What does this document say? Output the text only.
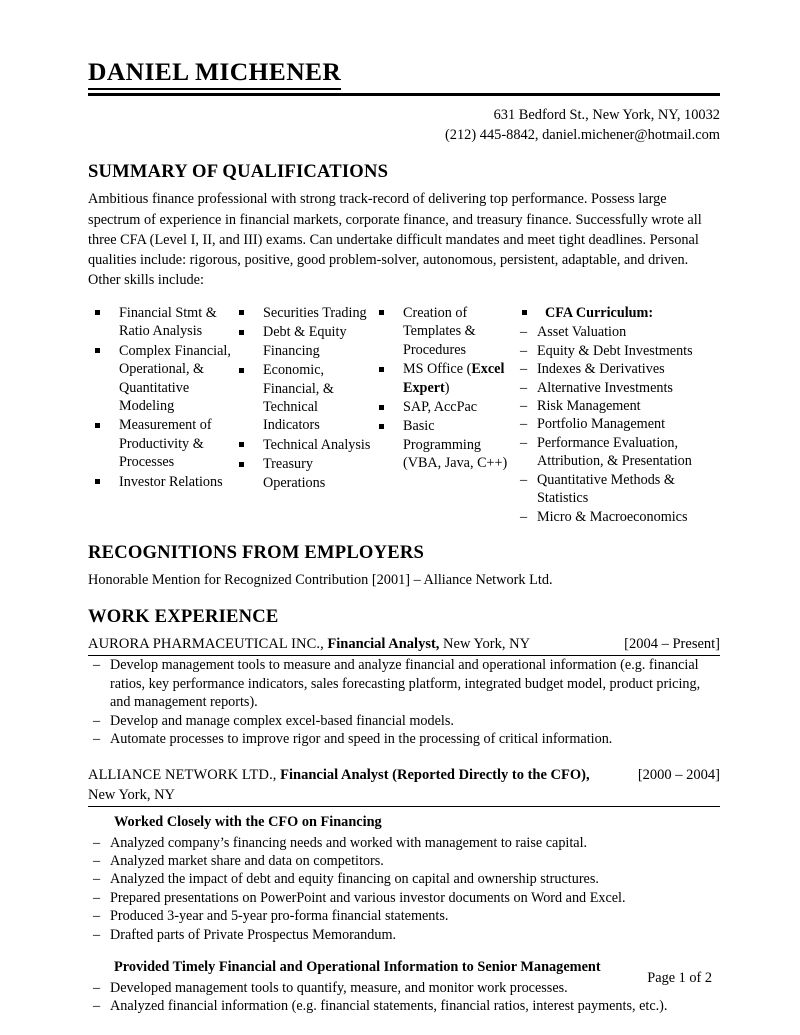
DANIEL MICHENER
631 Bedford St., New York, NY, 10032
(212) 445-8842, daniel.michener@hotmail.com
SUMMARY OF QUALIFICATIONS

Ambitious finance professional with strong track-record of delivering top performance. Possess large spectrum of experience in financial markets, corporate finance, and treasury finance. Successfully wrote all three CFA (Level I, II, and III) exams. Can undertake difficult mandates and meet tight deadlines. Personal qualities include: rigorous, positive, good problem-solver, autonomous, persistent, adaptable, and driven. Other skills include:

Financial Stmt & Ratio Analysis
Complex Financial, Operational, & Quantitative Modeling
Measurement of Productivity & Processes
Investor Relations
Securities Trading
Debt & Equity Financing
Economic, Financial, & Technical Indicators
Technical Analysis
Treasury Operations
Creation of Templates & Procedures
MS Office (Excel Expert)
SAP, AccPac
Basic Programming (VBA, Java, C++)
CFA Curriculum:
– Asset Valuation
– Equity & Debt Investments
– Indexes & Derivatives
– Alternative Investments
– Risk Management
– Portfolio Management
– Performance Evaluation, Attribution, & Presentation
– Quantitative Methods & Statistics
– Micro & Macroeconomics
RECOGNITIONS FROM EMPLOYERS

Honorable Mention for Recognized Contribution [2001] – Alliance Network Ltd.

WORK EXPERIENCE
AURORA PHARMACEUTICAL INC., Financial Analyst, New York, NY	[2004 – Present]
– Develop management tools to measure and analyze financial and operational information (e.g. financial ratios, key performance indicators, sales forecasting platform, integrated budget model, product pricing, and management reports).
– Develop and manage complex excel-based financial models.
– Automate processes to improve rigor and speed in the processing of critical information.
ALLIANCE NETWORK LTD., Financial Analyst (Reported Directly to the CFO),	[2000 – 2004]
New York, NY
Worked Closely with the CFO on Financing
– Analyzed company’s financing needs and worked with management to raise capital.
– Analyzed market share and data on competitors.
– Analyzed the impact of debt and equity financing on capital and ownership structures.
– Prepared presentations on PowerPoint and various investor documents on Word and Excel.
– Produced 3-year and 5-year pro-forma financial statements.
– Drafted parts of Private Prospectus Memorandum.
Provided Timely Financial and Operational Information to Senior Management
– Developed management tools to quantify, measure, and monitor work processes.
– Analyzed financial information (e.g. financial statements, financial ratios, interest payments, etc.).
Page 1 of 2
